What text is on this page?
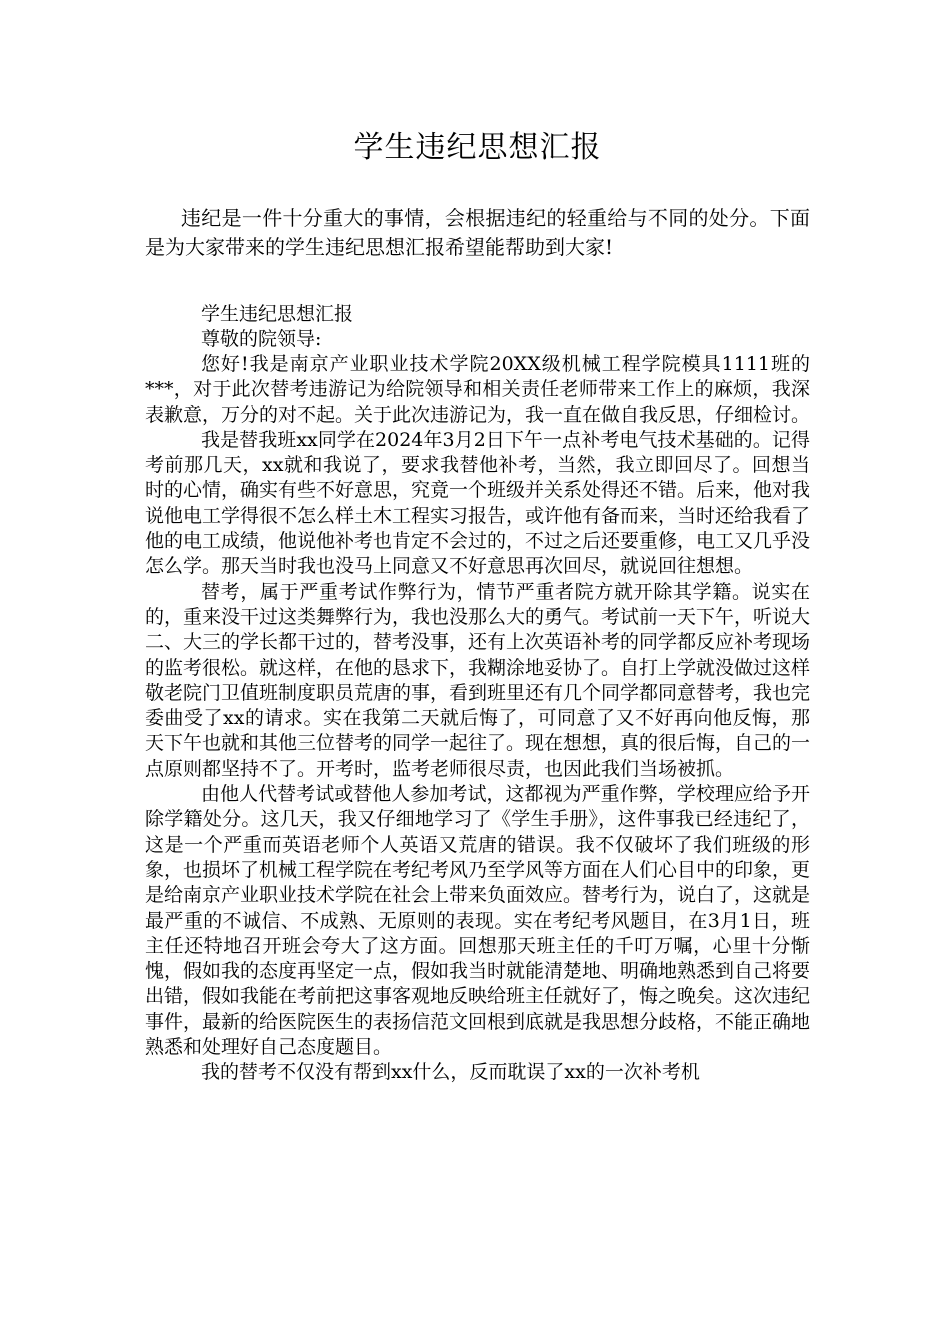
学生违纪思想汇报

违纪是一件十分重大的事情，会根据违纪的轻重给与不同的处分。下面是为大家带来的学生违纪思想汇报希望能帮助到大家!

学生违纪思想汇报

尊敬的院领导:

您好!我是南京产业职业技术学院20XX级机械工程学院模具1111班的***，对于此次替考违游记为给院领导和相关责任老师带来工作上的麻烦，我深表歉意，万分的对不起。关于此次违游记为，我一直在做自我反思，仔细检讨。

我是替我班xx同学在2024年3月2日下午一点补考电气技术基础的。记得考前那几天，xx就和我说了，要求我替他补考，当然，我立即回尽了。回想当时的心情，确实有些不好意思，究竟一个班级并关系处得还不错。后来，他对我说他电工学得很不怎么样土木工程实习报告，或许他有备而来，当时还给我看了他的电工成绩，他说他补考也肯定不会过的，不过之后还要重修，电工又几乎没怎么学。那天当时我也没马上同意又不好意思再次回尽，就说回往想想。

替考，属于严重考试作弊行为，情节严重者院方就开除其学籍。说实在的，重来没干过这类舞弊行为，我也没那么大的勇气。考试前一天下午，听说大二、大三的学长都干过的，替考没事，还有上次英语补考的同学都反应补考现场的监考很松。就这样，在他的恳求下，我糊涂地妥协了。自打上学就没做过这样敬老院门卫值班制度职员荒唐的事，看到班里还有几个同学都同意替考，我也完委曲受了xx的请求。实在我第二天就后悔了，可同意了又不好再向他反悔，那天下午也就和其他三位替考的同学一起往了。现在想想，真的很后悔，自己的一点原则都坚持不了。开考时，监考老师很尽责，也因此我们当场被抓。

由他人代替考试或替他人参加考试，这都视为严重作弊，学校理应给予开除学籍处分。这几天，我又仔细地学习了《学生手册》，这件事我已经违纪了，这是一个严重而英语老师个人英语又荒唐的错误。我不仅破坏了我们班级的形象，也损坏了机械工程学院在考纪考风乃至学风等方面在人们心目中的印象，更是给南京产业职业技术学院在社会上带来负面效应。替考行为，说白了，这就是最严重的不诚信、不成熟、无原则的表现。实在考纪考风题目，在3月1日，班主任还特地召开班会夸大了这方面。回想那天班主任的千叮万嘱，心里十分惭愧，假如我的态度再坚定一点，假如我当时就能清楚地、明确地熟悉到自己将要出错，假如我能在考前把这事客观地反映给班主任就好了，悔之晚矣。这次违纪事件，最新的给医院医生的表扬信范文回根到底就是我思想分歧格，不能正确地熟悉和处理好自己态度题目。

我的替考不仅没有帮到xx什么，反而耽误了xx的一次补考机
